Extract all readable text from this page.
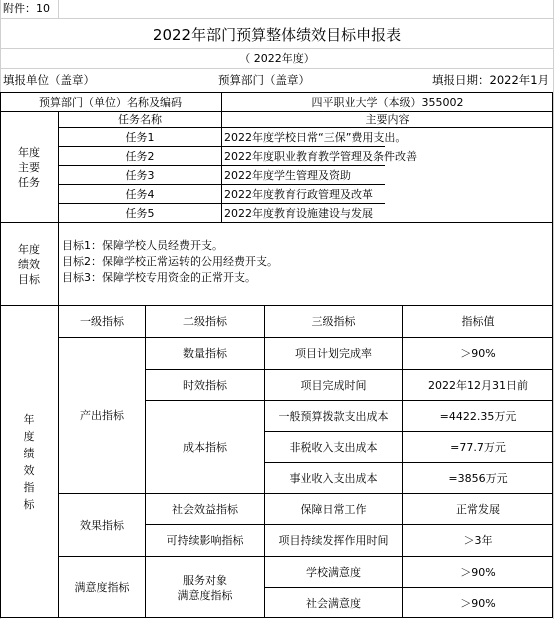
附件：10
2022年部门预算整体绩效目标申报表
（ 2022年度）
填报单位（盖章）	预算部门（盖章）	填报日期：2022年1月
预算部门（单位）名称及编码	四平职业大学（本级）355002
年度
主要
任务
任务名称	主要内容
任务1	2022年度学校日常“三保”费用支出。
任务2	2022年度职业教育教学管理及条件改善
任务3	2022年度学生管理及资助
任务4	2022年度教育行政管理及改革
任务5	2022年度教育设施建设与发展
年度
绩效
目标
目标1：保障学校人员经费开支。
目标2：保障学校正常运转的公用经费开支。
目标3：保障学校专用资金的正常开支。
年
度
绩
效
指
标
一级指标	二级指标	三级指标	指标值
产出指标
数量指标	项目计划完成率	＞90%
时效指标	项目完成时间	2022年12月31日前
成本指标
一般预算拨款支出成本	=4422.35万元
非税收入支出成本	=77.7万元
事业收入支出成本	=3856万元
效果指标
社会效益指标	保障日常工作	正常发展
可持续影响指标	项目持续发挥作用时间	＞3年
满意度指标
服务对象
满意度指标
学校满意度	＞90%
社会满意度	＞90%
